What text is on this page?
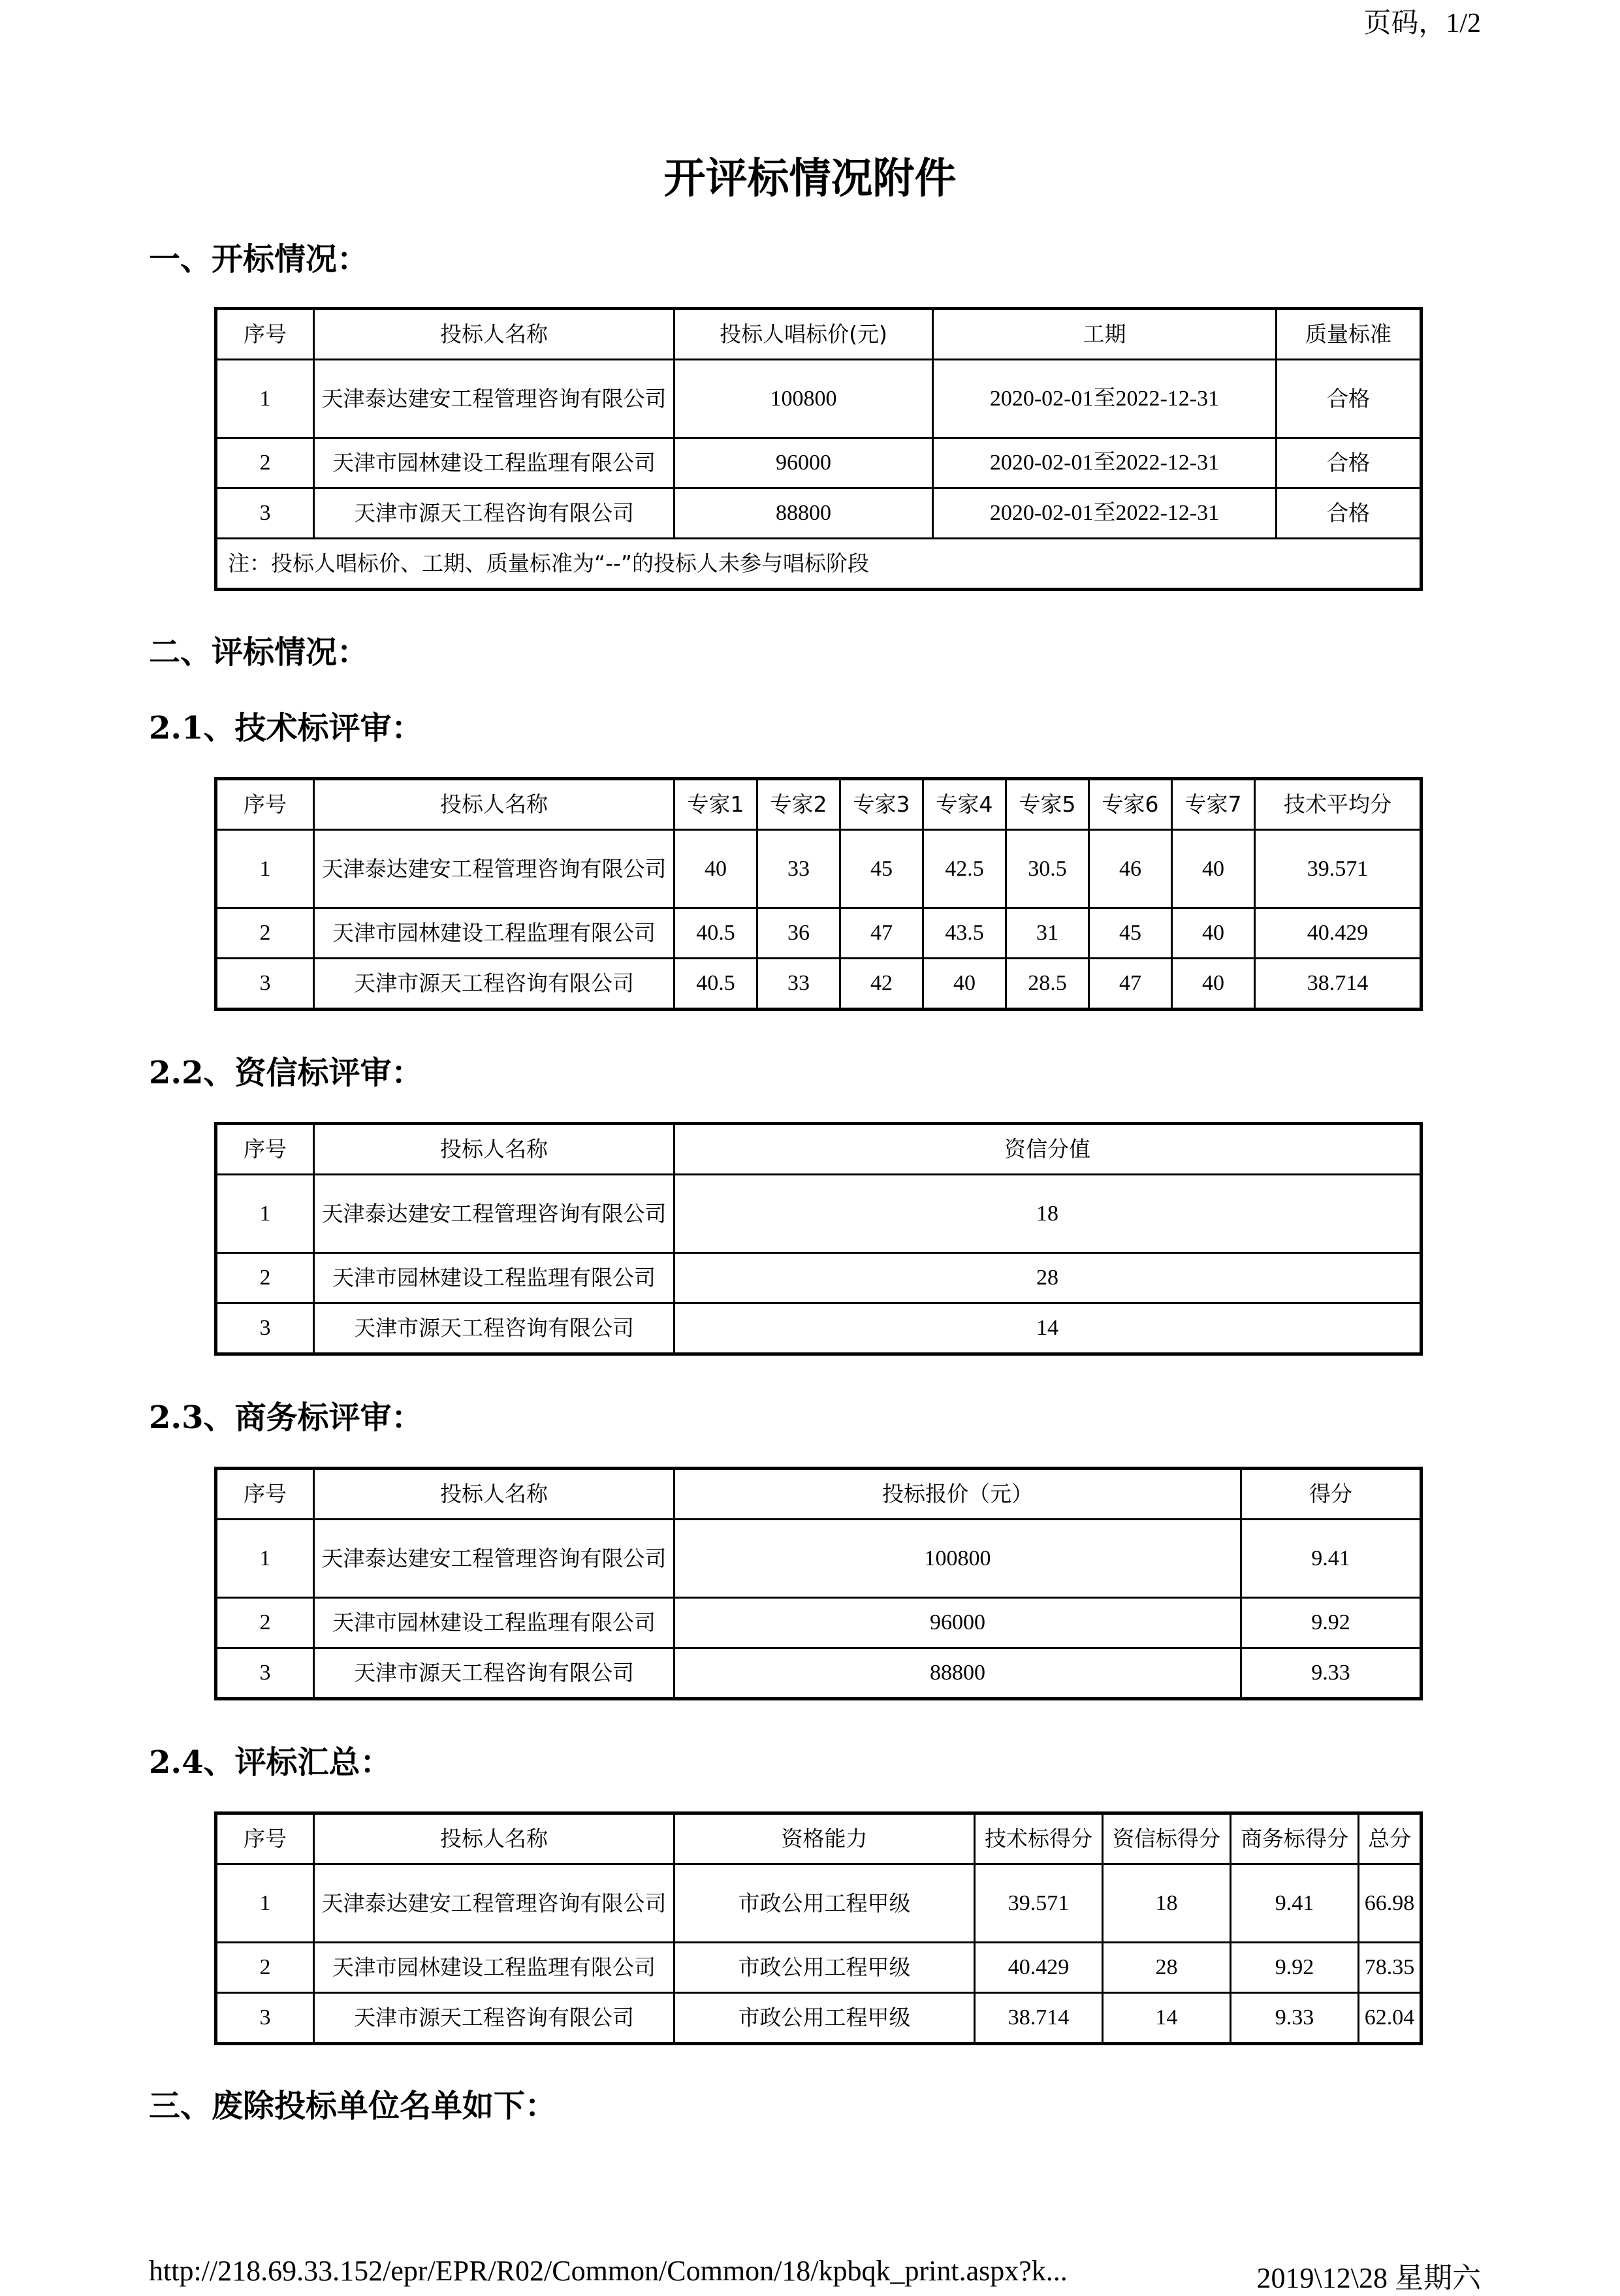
页码，1/2
开评标情况附件
一、开标情况：
序号	投标人名称	投标人唱标价(元)	工期	质量标准
1	天津泰达建安工程管理咨询有限公司	100800	2020-02-01至2022-12-31	合格
2	天津市园林建设工程监理有限公司	96000	2020-02-01至2022-12-31	合格
3	天津市源天工程咨询有限公司	88800	2020-02-01至2022-12-31	合格
注：投标人唱标价、工期、质量标准为“--”的投标人未参与唱标阶段				
二、评标情况：
2.1、技术标评审：
序号	投标人名称	专家1	专家2	专家3	专家4	专家5	专家6	专家7	技术平均分
1	天津泰达建安工程管理咨询有限公司	40	33	45	42.5	30.5	46	40	39.571
2	天津市园林建设工程监理有限公司	40.5	36	47	43.5	31	45	40	40.429
3	天津市源天工程咨询有限公司	40.5	33	42	40	28.5	47	40	38.714
2.2、资信标评审：
序号	投标人名称	资信分值
1	天津泰达建安工程管理咨询有限公司	18
2	天津市园林建设工程监理有限公司	28
3	天津市源天工程咨询有限公司	14
2.3、商务标评审：
序号	投标人名称	投标报价（元）	得分
1	天津泰达建安工程管理咨询有限公司	100800	9.41
2	天津市园林建设工程监理有限公司	96000	9.92
3	天津市源天工程咨询有限公司	88800	9.33
2.4、评标汇总：
序号	投标人名称	资格能力	技术标得分	资信标得分	商务标得分	总分
1	天津泰达建安工程管理咨询有限公司	市政公用工程甲级	39.571	18	9.41	66.98
2	天津市园林建设工程监理有限公司	市政公用工程甲级	40.429	28	9.92	78.35
3	天津市源天工程咨询有限公司	市政公用工程甲级	38.714	14	9.33	62.04
三、废除投标单位名单如下：
http://218.69.33.152/epr/EPR/R02/Common/Common/18/kpbqk_print.aspx?k...	2019\12\28 星期六
